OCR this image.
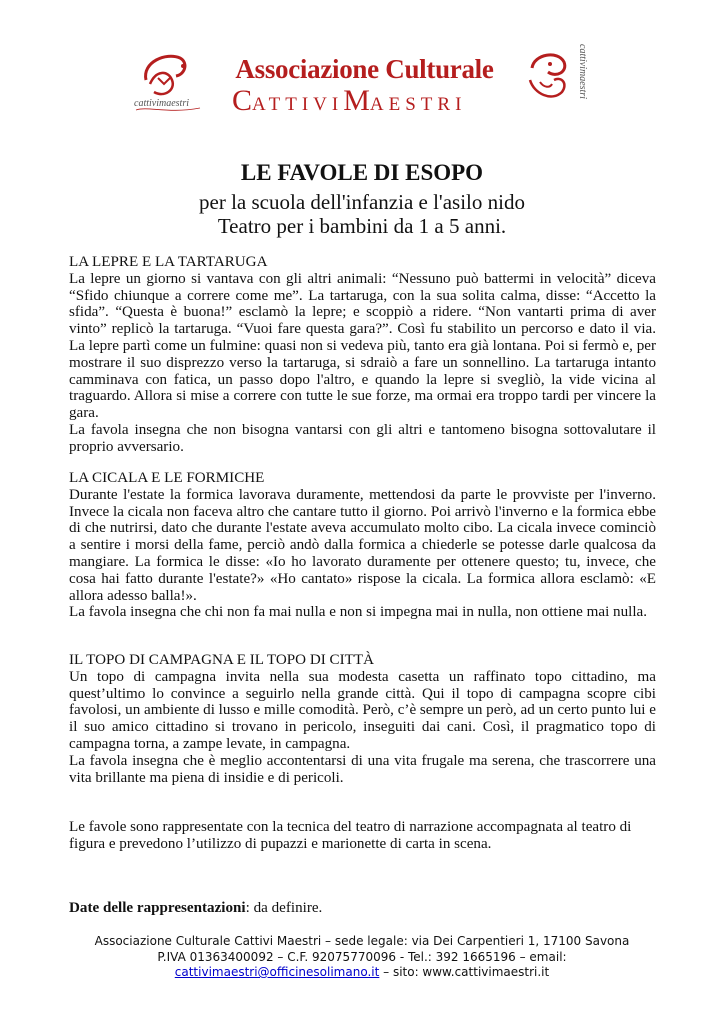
cattivimaestri
Associazione Culturale
CATTIVIMAESTRI
cattivimaestri
LE FAVOLE DI ESOPO
per la scuola dell'infanzia e l'asilo nido
Teatro per i bambini da 1 a 5 anni.
LA LEPRE E LA TARTARUGA
La lepre un giorno si vantava con gli altri animali: “Nessuno può battermi in velocità” diceva “Sfido chiunque a correre come me”. La tartaruga, con la sua solita calma, disse: “Accetto la sfida”. “Questa è buona!” esclamò la lepre; e scoppiò a ridere. “Non vantarti prima di aver vinto” replicò la tartaruga. “Vuoi fare questa gara?”. Così fu stabilito un percorso e dato il via. La lepre partì come un fulmine: quasi non si vedeva più, tanto era già lontana. Poi si fermò e, per mostrare il suo disprezzo verso la tartaruga, si sdraiò a fare un sonnellino. La tartaruga intanto camminava con fatica, un passo dopo l'altro, e quando la lepre si svegliò, la vide vicina al traguardo. Allora si mise a correre con tutte le sue forze, ma ormai era troppo tardi per vincere la gara.
La favola insegna che non bisogna vantarsi con gli altri e tantomeno bisogna sottovalutare il proprio avversario.
LA CICALA E LE FORMICHE
Durante l'estate la formica lavorava duramente, mettendosi da parte le provviste per l'inverno. Invece la cicala non faceva altro che cantare tutto il giorno. Poi arrivò l'inverno e la formica ebbe di che nutrirsi, dato che durante l'estate aveva accumulato molto cibo. La cicala invece cominciò a sentire i morsi della fame, perciò andò dalla formica a chiederle se potesse darle qualcosa da mangiare. La formica le disse: «Io ho lavorato duramente per ottenere questo; tu, invece, che cosa hai fatto durante l'estate?» «Ho cantato» rispose la cicala. La formica allora esclamò: «E allora adesso balla!».
La favola insegna che chi non fa mai nulla e non si impegna mai in nulla, non ottiene mai nulla.
IL TOPO DI CAMPAGNA E IL TOPO DI CITTÀ
Un topo di campagna invita nella sua modesta casetta un raffinato topo cittadino, ma quest’ultimo lo convince a seguirlo nella grande città. Qui il topo di campagna scopre cibi favolosi, un ambiente di lusso e mille comodità. Però, c’è sempre un però, ad un certo punto lui e il suo amico cittadino si trovano in pericolo, inseguiti dai cani. Così, il pragmatico topo di campagna torna, a zampe levate, in campagna.
La favola insegna che è meglio accontentarsi di una vita frugale ma serena, che trascorrere una vita brillante ma piena di insidie e di pericoli.
Le favole sono rappresentate con la tecnica del teatro di narrazione accompagnata al teatro di figura e prevedono l’utilizzo di pupazzi e marionette di carta in scena.
Date delle rappresentazioni: da definire.
Associazione Culturale Cattivi Maestri – sede legale: via Dei Carpentieri 1, 17100 Savona
P.IVA 01363400092 – C.F. 92075770096 - Tel.: 392 1665196 – email:
cattivimaestri@officinesolimano.it – sito: www.cattivimaestri.it
